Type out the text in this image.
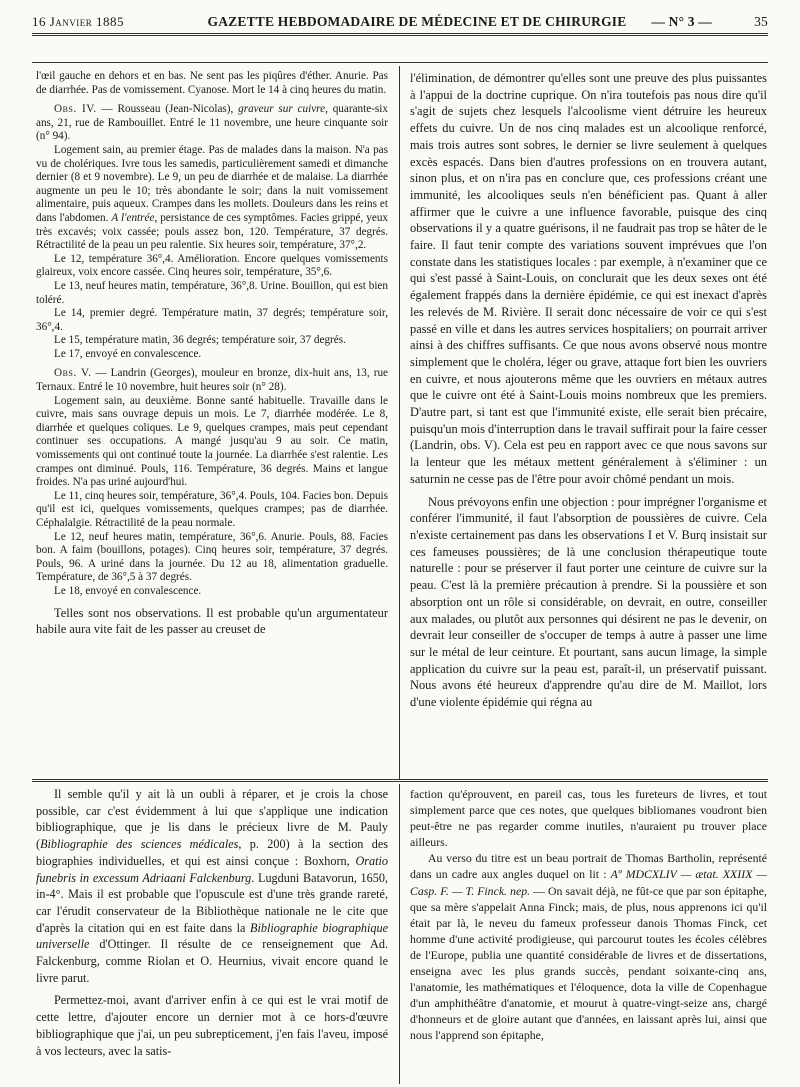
16 Janvier 1885	GAZETTE HEBDOMADAIRE DE MÉDECINE ET DE CHIRURGIE	— N° 3 —	35

l'œil gauche en dehors et en bas. Ne sent pas les piqûres d'éther. Anurie. Pas de diarrhée. Pas de vomissement. Cyanose. Mort le 14 à cinq heures du matin.

Obs. IV. — Rousseau (Jean-Nicolas), graveur sur cuivre, quarante-six ans, 21, rue de Rambouillet. Entré le 11 novembre, une heure cinquante soir (n° 94).

Logement sain, au premier étage. Pas de malades dans la maison. N'a pas vu de cholériques. Ivre tous les samedis, particulièrement samedi et dimanche dernier (8 et 9 novembre). Le 9, un peu de diarrhée et de malaise. La diarrhée augmente un peu le 10; très abondante le soir; dans la nuit vomissement alimentaire, puis aqueux. Crampes dans les mollets. Douleurs dans les reins et dans l'abdomen. A l'entrée, persistance de ces symptômes. Facies grippé, yeux très excavés; voix cassée; pouls assez bon, 120. Température, 37 degrés. Rétractilité de la peau un peu ralentie. Six heures soir, température, 37°,2.

Le 12, température 36°,4. Amélioration. Encore quelques vomissements glaireux, voix encore cassée. Cinq heures soir, température, 35°,6.

Le 13, neuf heures matin, température, 36°,8. Urine. Bouillon, qui est bien toléré.

Le 14, premier degré. Température matin, 37 degrés; température soir, 36°,4.

Le 15, température matin, 36 degrés; température soir, 37 degrés.

Le 17, envoyé en convalescence.

Obs. V. — Landrin (Georges), mouleur en bronze, dix-huit ans, 13, rue Ternaux. Entré le 10 novembre, huit heures soir (n° 28).

Logement sain, au deuxième. Bonne santé habituelle. Travaille dans le cuivre, mais sans ouvrage depuis un mois. Le 7, diarrhée modérée. Le 8, diarrhée et quelques coliques. Le 9, quelques crampes, mais peut cependant continuer ses occupations. A mangé jusqu'au 9 au soir. Ce matin, vomissements qui ont continué toute la journée. La diarrhée s'est ralentie. Les crampes ont diminué. Pouls, 116. Température, 36 degrés. Mains et langue froides. N'a pas uriné aujourd'hui.

Le 11, cinq heures soir, température, 36°,4. Pouls, 104. Facies bon. Depuis qu'il est ici, quelques vomissements, quelques crampes; pas de diarrhée. Céphalalgie. Rétractilité de la peau normale.

Le 12, neuf heures matin, température, 36°,6. Anurie. Pouls, 88. Facies bon. A faim (bouillons, potages). Cinq heures soir, température, 37 degrés. Pouls, 96. A uriné dans la journée. Du 12 au 18, alimentation graduelle. Température, de 36°,5 à 37 degrés.

Le 18, envoyé en convalescence.

Telles sont nos observations. Il est probable qu'un argumentateur habile aura vite fait de les passer au creuset de

l'élimination, de démontrer qu'elles sont une preuve des plus puissantes à l'appui de la doctrine cuprique. On n'ira toutefois pas nous dire qu'il s'agit de sujets chez lesquels l'alcoolisme vient détruire les heureux effets du cuivre. Un de nos cinq malades est un alcoolique renforcé, mais trois autres sont sobres, le dernier se livre seulement à quelques excès espacés. Dans bien d'autres professions on en trouvera autant, sinon plus, et on n'ira pas en conclure que, ces professions créant une immunité, les alcooliques seuls n'en bénéficient pas. Quant à aller affirmer que le cuivre a une influence favorable, puisque des cinq observations il y a quatre guérisons, il ne faudrait pas trop se hâter de le faire. Il faut tenir compte des variations souvent imprévues que l'on constate dans les statistiques locales : par exemple, à n'examiner que ce qui s'est passé à Saint-Louis, on conclurait que les deux sexes ont été également frappés dans la dernière épidémie, ce qui est inexact d'après les relevés de M. Rivière. Il serait donc nécessaire de voir ce qui s'est passé en ville et dans les autres services hospitaliers; on pourrait arriver ainsi à des chiffres suffisants. Ce que nous avons observé nous montre simplement que le choléra, léger ou grave, attaque fort bien les ouvriers en cuivre, et nous ajouterons même que les ouvriers en métaux autres que le cuivre ont été à Saint-Louis moins nombreux que les premiers. D'autre part, si tant est que l'immunité existe, elle serait bien précaire, puisqu'un mois d'interruption dans le travail suffirait pour la faire cesser (Landrin, obs. V). Cela est peu en rapport avec ce que nous savons sur la lenteur que les métaux mettent généralement à s'éliminer : un saturnin ne cesse pas de l'être pour avoir chômé pendant un mois.

Nous prévoyons enfin une objection : pour imprégner l'organisme et conférer l'immunité, il faut l'absorption de poussières de cuivre. Cela n'existe certainement pas dans les observations I et V. Burq insistait sur ces fameuses poussières; de là une conclusion thérapeutique toute naturelle : pour se préserver il faut porter une ceinture de cuivre sur la peau. C'est là la première précaution à prendre. Si la poussière et son absorption ont un rôle si considérable, on devrait, en outre, conseiller aux malades, ou plutôt aux personnes qui désirent ne pas le devenir, on devrait leur conseiller de s'occuper de temps à autre à passer une lime sur le métal de leur ceinture. Et pourtant, sans aucun limage, la simple application du cuivre sur la peau est, paraît-il, un préservatif puissant. Nous avons été heureux d'apprendre qu'au dire de M. Maillot, lors d'une violente épidémie qui régna au

Il semble qu'il y ait là un oubli à réparer, et je crois la chose possible, car c'est évidemment à lui que s'applique une indication bibliographique, que je lis dans le précieux livre de M. Pauly (Bibliographie des sciences médicales, p. 200) à la section des biographies individuelles, et qui est ainsi conçue : Boxhorn, Oratio funebris in excessum Adriaani Falckenburg. Lugduni Batavorun, 1650, in-4°. Mais il est probable que l'opuscule est d'une très grande rareté, car l'érudit conservateur de la Bibliothèque nationale ne le cite que d'après la citation qui en est faite dans la Bibliographie biographique universelle d'Ottinger. Il résulte de ce renseignement que Ad. Falckenburg, comme Riolan et O. Heurnius, vivait encore quand le livre parut.

Permettez-moi, avant d'arriver enfin à ce qui est le vrai motif de cette lettre, d'ajouter encore un dernier mot à ce hors-d'œuvre bibliographique que j'ai, un peu subrepticement, j'en fais l'aveu, imposé à vos lecteurs, avec la satis-

faction qu'éprouvent, en pareil cas, tous les fureteurs de livres, et tout simplement parce que ces notes, que quelques bibliomanes voudront bien peut-être ne pas regarder comme inutiles, n'auraient pu trouver place ailleurs.

Au verso du titre est un beau portrait de Thomas Bartholin, représenté dans un cadre aux angles duquel on lit : Aº MDCXLIV — ætat. XXIIX — Casp. F. — T. Finck. nep. — On savait déjà, ne fût-ce que par son épitaphe, que sa mère s'appelait Anna Finck; mais, de plus, nous apprenons ici qu'il était par là, le neveu du fameux professeur danois Thomas Finck, cet homme d'une activité prodigieuse, qui parcourut toutes les écoles célèbres de l'Europe, publia une quantité considérable de livres et de dissertations, enseigna avec les plus grands succès, pendant soixante-cinq ans, l'anatomie, les mathématiques et l'éloquence, dota la ville de Copenhague d'un amphithéâtre d'anatomie, et mourut à quatre-vingt-seize ans, chargé d'honneurs et de gloire autant que d'années, en laissant après lui, ainsi que nous l'apprend son épitaphe,
